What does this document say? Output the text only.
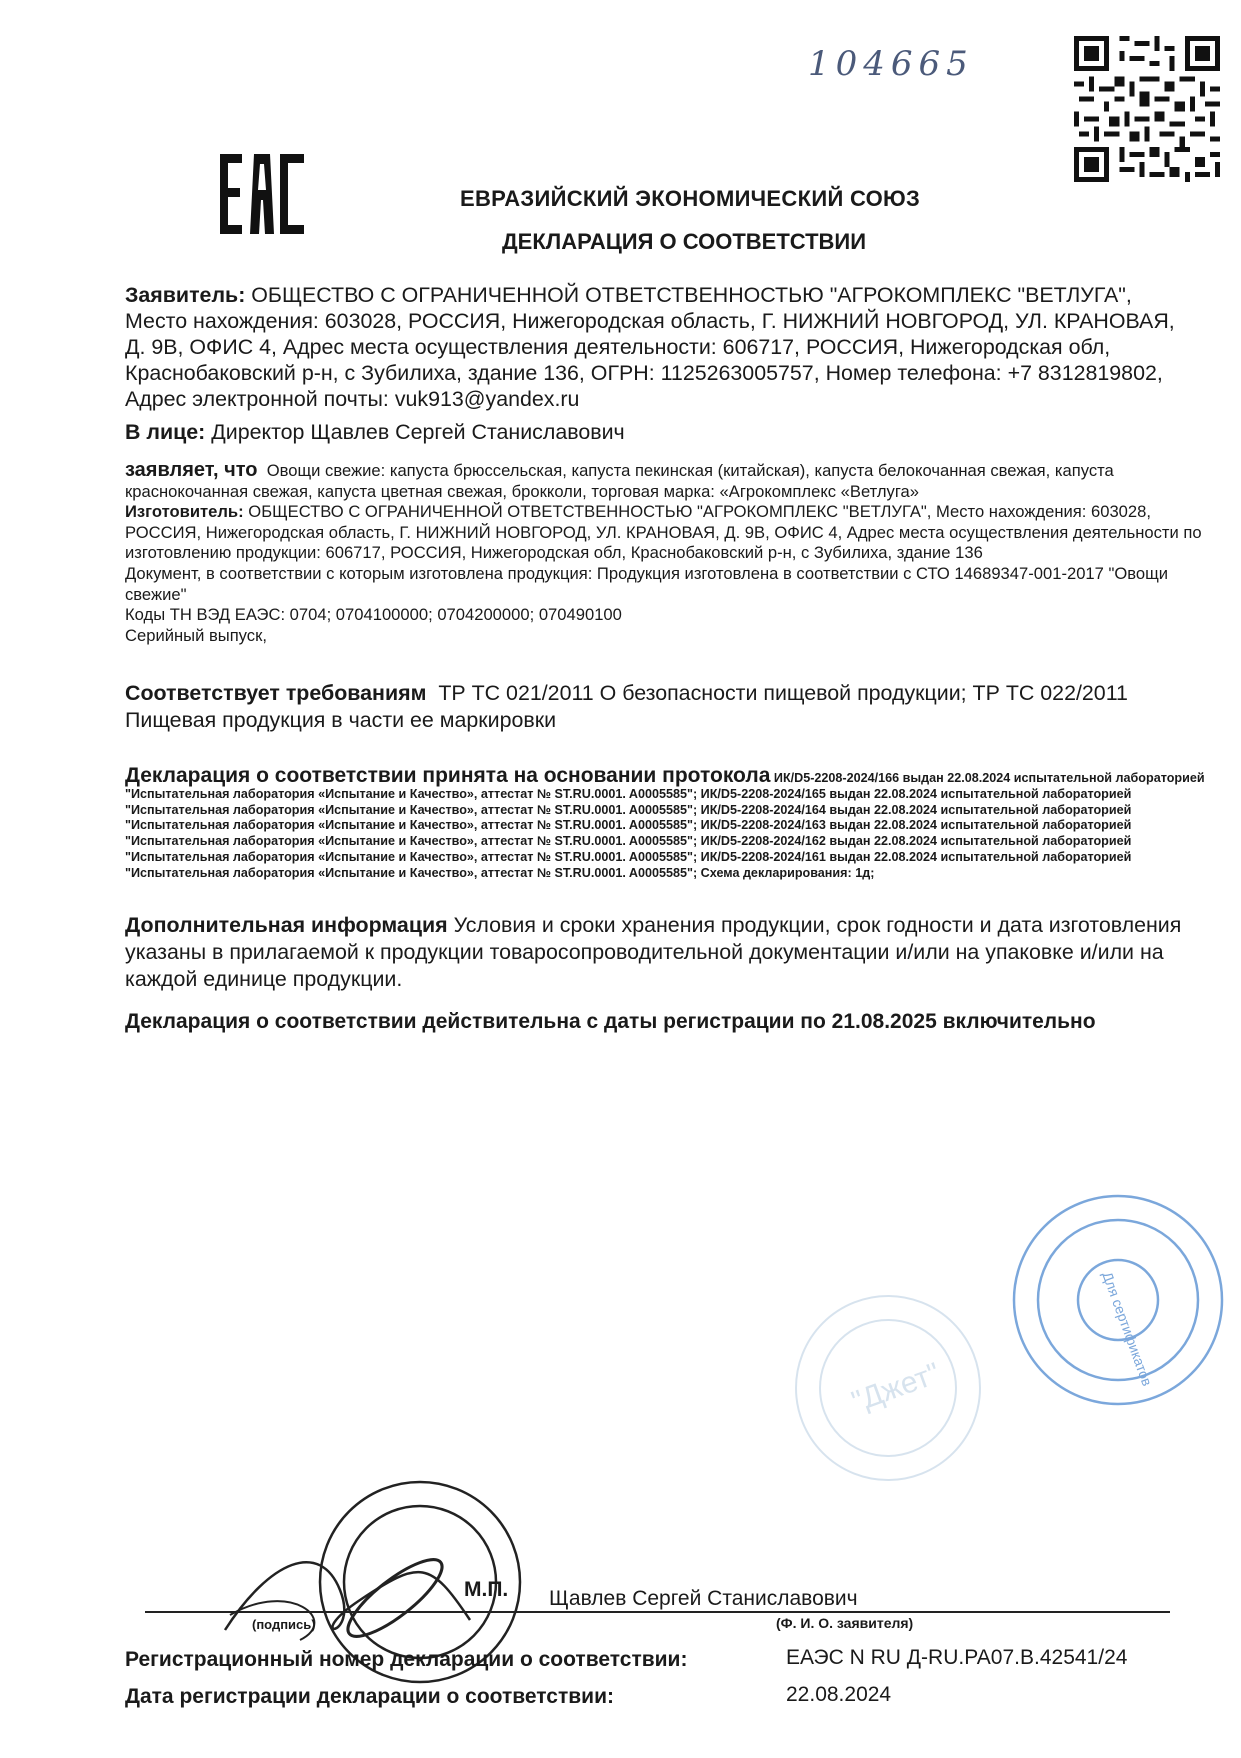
104665
ЕВРАЗИЙСКИЙ ЭКОНОМИЧЕСКИЙ СОЮЗ
ДЕКЛАРАЦИЯ О СООТВЕТСТВИИ
Заявитель: ОБЩЕСТВО С ОГРАНИЧЕННОЙ ОТВЕТСТВЕННОСТЬЮ "АГРОКОМПЛЕКС "ВЕТЛУГА", Место нахождения: 603028, РОССИЯ, Нижегородская область, Г. НИЖНИЙ НОВГОРОД, УЛ. КРАНОВАЯ, Д. 9В, ОФИС 4, Адрес места осуществления деятельности: 606717, РОССИЯ, Нижегородская обл, Краснобаковский р-н, с Зубилиха, здание 136, ОГРН: 1125263005757, Номер телефона: +7 8312819802, Адрес электронной почты: vuk913@yandex.ru
В лице: Директор Щавлев Сергей Станиславович
заявляет, что Овощи свежие: капуста брюссельская, капуста пекинская (китайская), капуста белокочанная свежая, капуста краснокочанная свежая, капуста цветная свежая, брокколи, торговая марка: «Агрокомплекс «Ветлуга»
Изготовитель: ОБЩЕСТВО С ОГРАНИЧЕННОЙ ОТВЕТСТВЕННОСТЬЮ "АГРОКОМПЛЕКС "ВЕТЛУГА", Место нахождения: 603028, РОССИЯ, Нижегородская область, Г. НИЖНИЙ НОВГОРОД, УЛ. КРАНОВАЯ, Д. 9В, ОФИС 4, Адрес места осуществления деятельности по изготовлению продукции: 606717, РОССИЯ, Нижегородская обл, Краснобаковский р-н, с Зубилиха, здание 136
Документ, в соответствии с которым изготовлена продукция: Продукция изготовлена в соответствии с СТО 14689347-001-2017 "Овощи свежие"
Коды ТН ВЭД ЕАЭС: 0704; 0704100000; 0704200000; 070490100
Серийный выпуск,
Соответствует требованиям ТР ТС 021/2011 О безопасности пищевой продукции; ТР ТС 022/2011 Пищевая продукция в части ее маркировки
Декларация о соответствии принята на основании протокола ИК/D5-2208-2024/166 выдан 22.08.2024 испытательной лабораторией "Испытательная лаборатория «Испытание и Качество», аттестат № ST.RU.0001. A0005585"; ИК/D5-2208-2024/165 выдан 22.08.2024 испытательной лабораторией "Испытательная лаборатория «Испытание и Качество», аттестат № ST.RU.0001. A0005585"; ИК/D5-2208-2024/164 выдан 22.08.2024 испытательной лабораторией "Испытательная лаборатория «Испытание и Качество», аттестат № ST.RU.0001. A0005585"; ИК/D5-2208-2024/163 выдан 22.08.2024 испытательной лабораторией "Испытательная лаборатория «Испытание и Качество», аттестат № ST.RU.0001. A0005585"; ИК/D5-2208-2024/162 выдан 22.08.2024 испытательной лабораторией "Испытательная лаборатория «Испытание и Качество», аттестат № ST.RU.0001. A0005585"; ИК/D5-2208-2024/161 выдан 22.08.2024 испытательной лабораторией "Испытательная лаборатория «Испытание и Качество», аттестат № ST.RU.0001. A0005585"; Схема декларирования: 1д;
Дополнительная информация Условия и сроки хранения продукции, срок годности и дата изготовления указаны в прилагаемой к продукции товаросопроводительной документации и/или на упаковке и/или на каждой единице продукции.
Декларация о соответствии действительна с даты регистрации по 21.08.2025 включительно
"Джет"	Для сертификатов
М.П. Щавлев Сергей Станиславович
(подпись)	(Ф. И. О. заявителя)
Регистрационный номер декларации о соответствии:	ЕАЭС N RU Д-RU.РА07.В.42541/24
Дата регистрации декларации о соответствии:	22.08.2024
